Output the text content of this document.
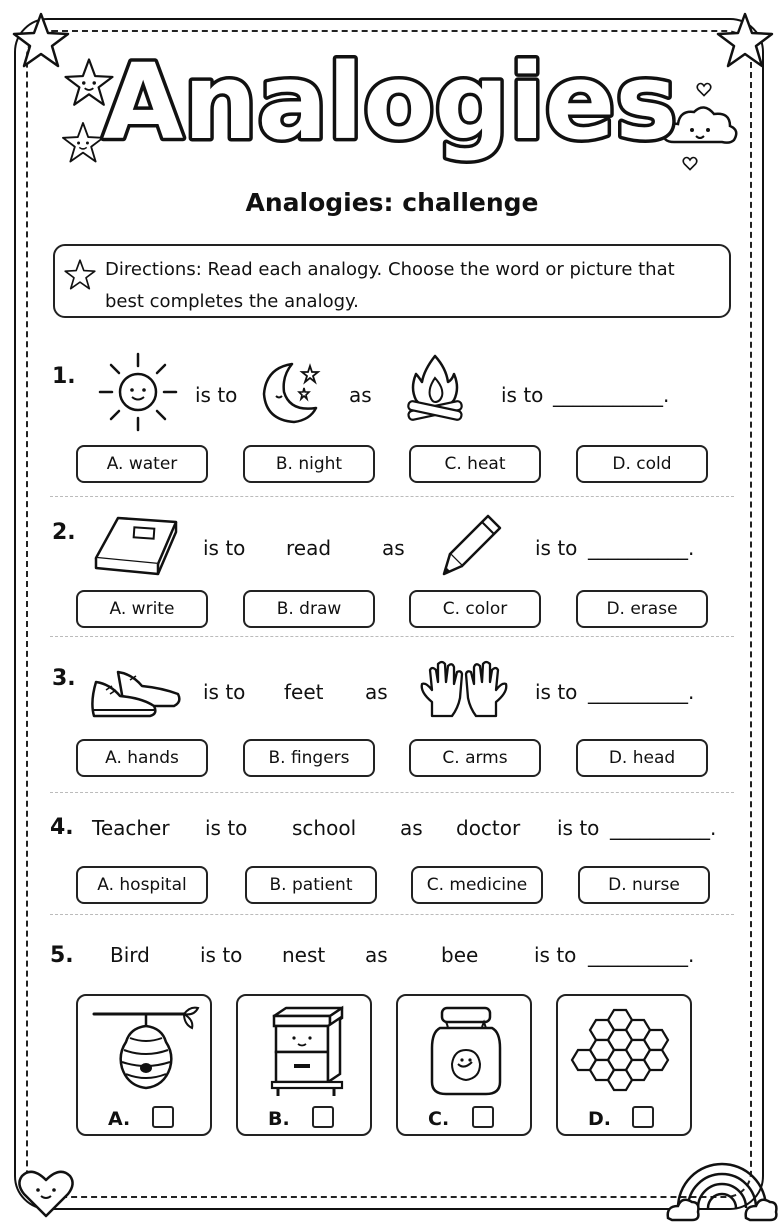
Analogies
Analogies: challenge
Directions: Read each analogy. Choose the word or picture that best completes the analogy.
1.
is to	as	is to ___________.
A. water	B. night	C. heat	D. cold
2.
is to read	as	is to __________.
A. write	B. draw	C. color	D. erase
3.
is to feet as	is to __________.
A. hands	B. fingers	C. arms	D. head
4. Teacher is to school as doctor is to __________.
A. hospital	B. patient	C. medicine	D. nurse
5. Bird	is to nest as	bee	is to __________.
A.	B.	C.	D.
